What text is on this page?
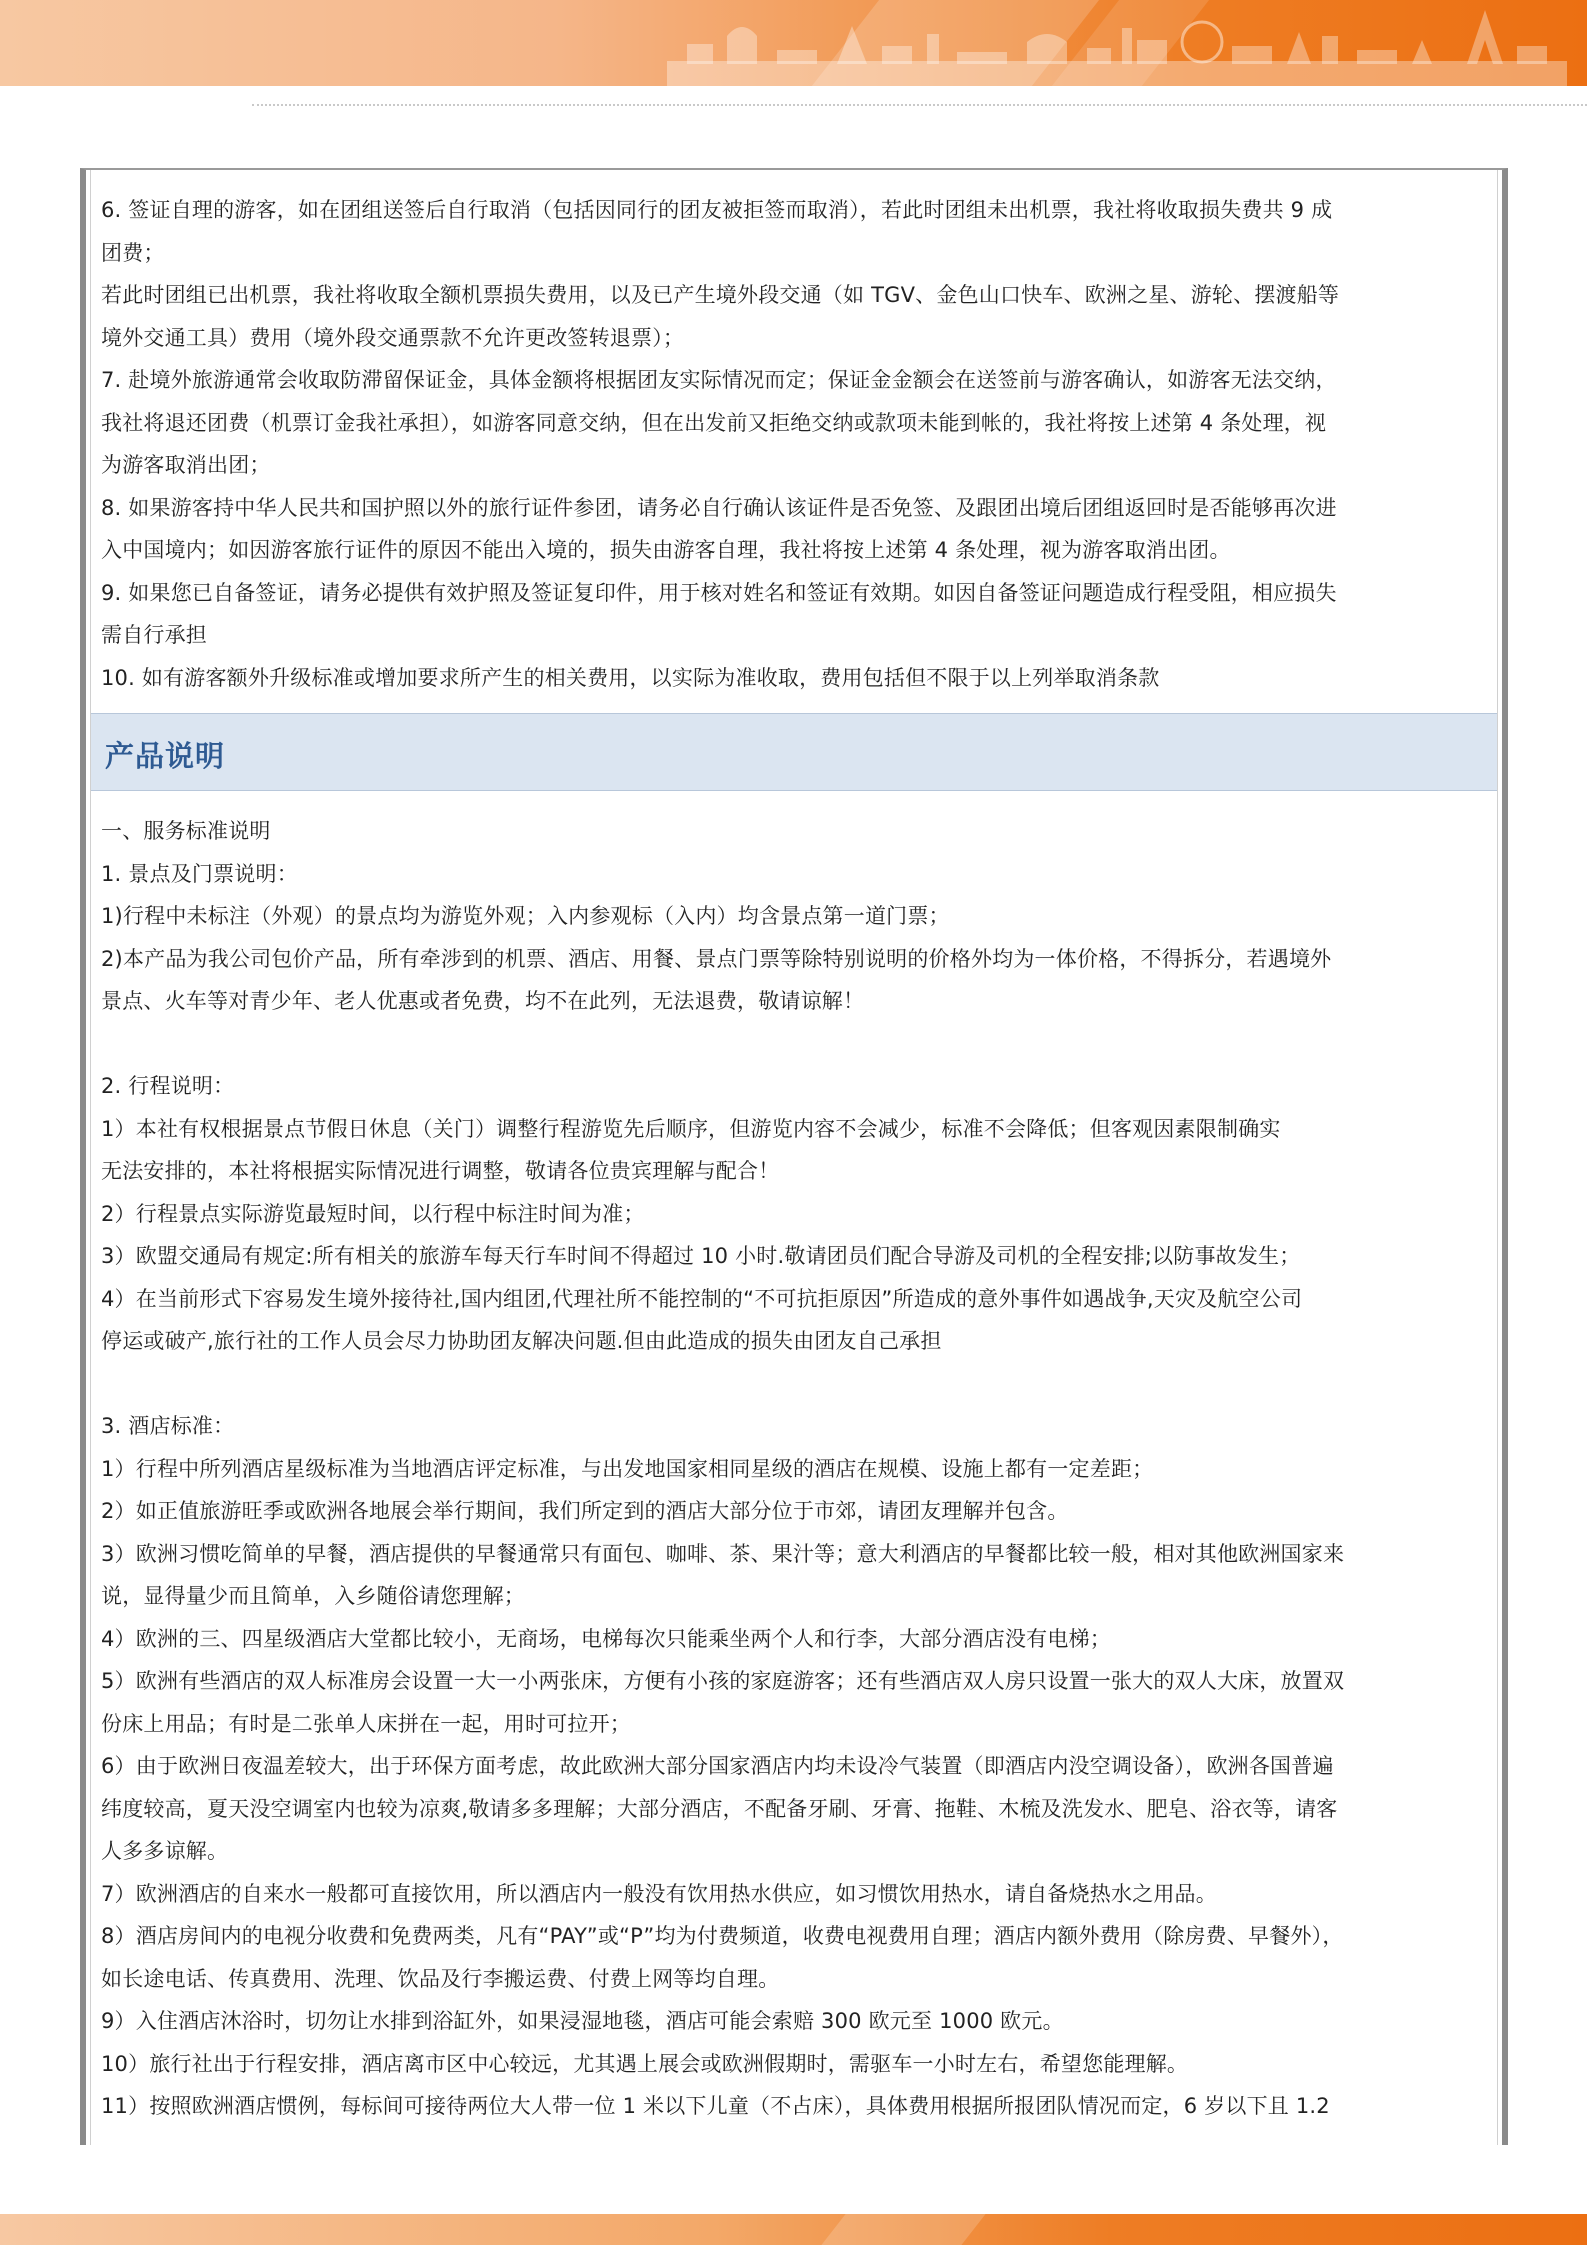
6. 签证自理的游客，如在团组送签后自行取消（包括因同行的团友被拒签而取消），若此时团组未出机票，我社将收取损失费共 9 成
团费；
若此时团组已出机票，我社将收取全额机票损失费用，以及已产生境外段交通（如 TGV、金色山口快车、欧洲之星、游轮、摆渡船等
境外交通工具）费用（境外段交通票款不允许更改签转退票）；
7. 赴境外旅游通常会收取防滞留保证金，具体金额将根据团友实际情况而定；保证金金额会在送签前与游客确认，如游客无法交纳，
我社将退还团费（机票订金我社承担），如游客同意交纳，但在出发前又拒绝交纳或款项未能到帐的，我社将按上述第 4 条处理，视
为游客取消出团；
8. 如果游客持中华人民共和国护照以外的旅行证件参团，请务必自行确认该证件是否免签、及跟团出境后团组返回时是否能够再次进
入中国境内；如因游客旅行证件的原因不能出入境的，损失由游客自理，我社将按上述第 4 条处理，视为游客取消出团。
9. 如果您已自备签证，请务必提供有效护照及签证复印件，用于核对姓名和签证有效期。如因自备签证问题造成行程受阻，相应损失
需自行承担
10. 如有游客额外升级标准或增加要求所产生的相关费用，以实际为准收取，费用包括但不限于以上列举取消条款
产品说明
一、服务标准说明
1. 景点及门票说明：
1)行程中未标注（外观）的景点均为游览外观；入内参观标（入内）均含景点第一道门票；
2)本产品为我公司包价产品，所有牵涉到的机票、酒店、用餐、景点门票等除特别说明的价格外均为一体价格，不得拆分，若遇境外
景点、火车等对青少年、老人优惠或者免费，均不在此列，无法退费，敬请谅解！
2. 行程说明：
1）本社有权根据景点节假日休息（关门）调整行程游览先后顺序，但游览内容不会减少，标准不会降低；但客观因素限制确实
无法安排的，本社将根据实际情况进行调整，敬请各位贵宾理解与配合！
2）行程景点实际游览最短时间，以行程中标注时间为准；
3）欧盟交通局有规定:所有相关的旅游车每天行车时间不得超过 10 小时.敬请团员们配合导游及司机的全程安排;以防事故发生；
4）在当前形式下容易发生境外接待社,国内组团,代理社所不能控制的“不可抗拒原因”所造成的意外事件如遇战争,天灾及航空公司
停运或破产,旅行社的工作人员会尽力协助团友解决问题.但由此造成的损失由团友自己承担
3. 酒店标准：
1）行程中所列酒店星级标准为当地酒店评定标准，与出发地国家相同星级的酒店在规模、设施上都有一定差距；
2）如正值旅游旺季或欧洲各地展会举行期间，我们所定到的酒店大部分位于市郊，请团友理解并包含。
3）欧洲习惯吃简单的早餐，酒店提供的早餐通常只有面包、咖啡、茶、果汁等；意大利酒店的早餐都比较一般，相对其他欧洲国家来
说，显得量少而且简单，入乡随俗请您理解；
4）欧洲的三、四星级酒店大堂都比较小，无商场，电梯每次只能乘坐两个人和行李，大部分酒店没有电梯；
5）欧洲有些酒店的双人标准房会设置一大一小两张床，方便有小孩的家庭游客；还有些酒店双人房只设置一张大的双人大床，放置双
份床上用品；有时是二张单人床拼在一起，用时可拉开；
6）由于欧洲日夜温差较大，出于环保方面考虑，故此欧洲大部分国家酒店内均未设冷气装置（即酒店内没空调设备），欧洲各国普遍
纬度较高，夏天没空调室内也较为凉爽,敬请多多理解；大部分酒店，不配备牙刷、牙膏、拖鞋、木梳及洗发水、肥皂、浴衣等，请客
人多多谅解。
7）欧洲酒店的自来水一般都可直接饮用，所以酒店内一般没有饮用热水供应，如习惯饮用热水，请自备烧热水之用品。
8）酒店房间内的电视分收费和免费两类，凡有“PAY”或“P”均为付费频道，收费电视费用自理；酒店内额外费用（除房费、早餐外），
如长途电话、传真费用、洗理、饮品及行李搬运费、付费上网等均自理。
9）入住酒店沐浴时，切勿让水排到浴缸外，如果浸湿地毯，酒店可能会索赔 300 欧元至 1000 欧元。
10）旅行社出于行程安排，酒店离市区中心较远，尤其遇上展会或欧洲假期时，需驱车一小时左右，希望您能理解。
11）按照欧洲酒店惯例，每标间可接待两位大人带一位 1 米以下儿童（不占床），具体费用根据所报团队情况而定，6 岁以下且 1.2
